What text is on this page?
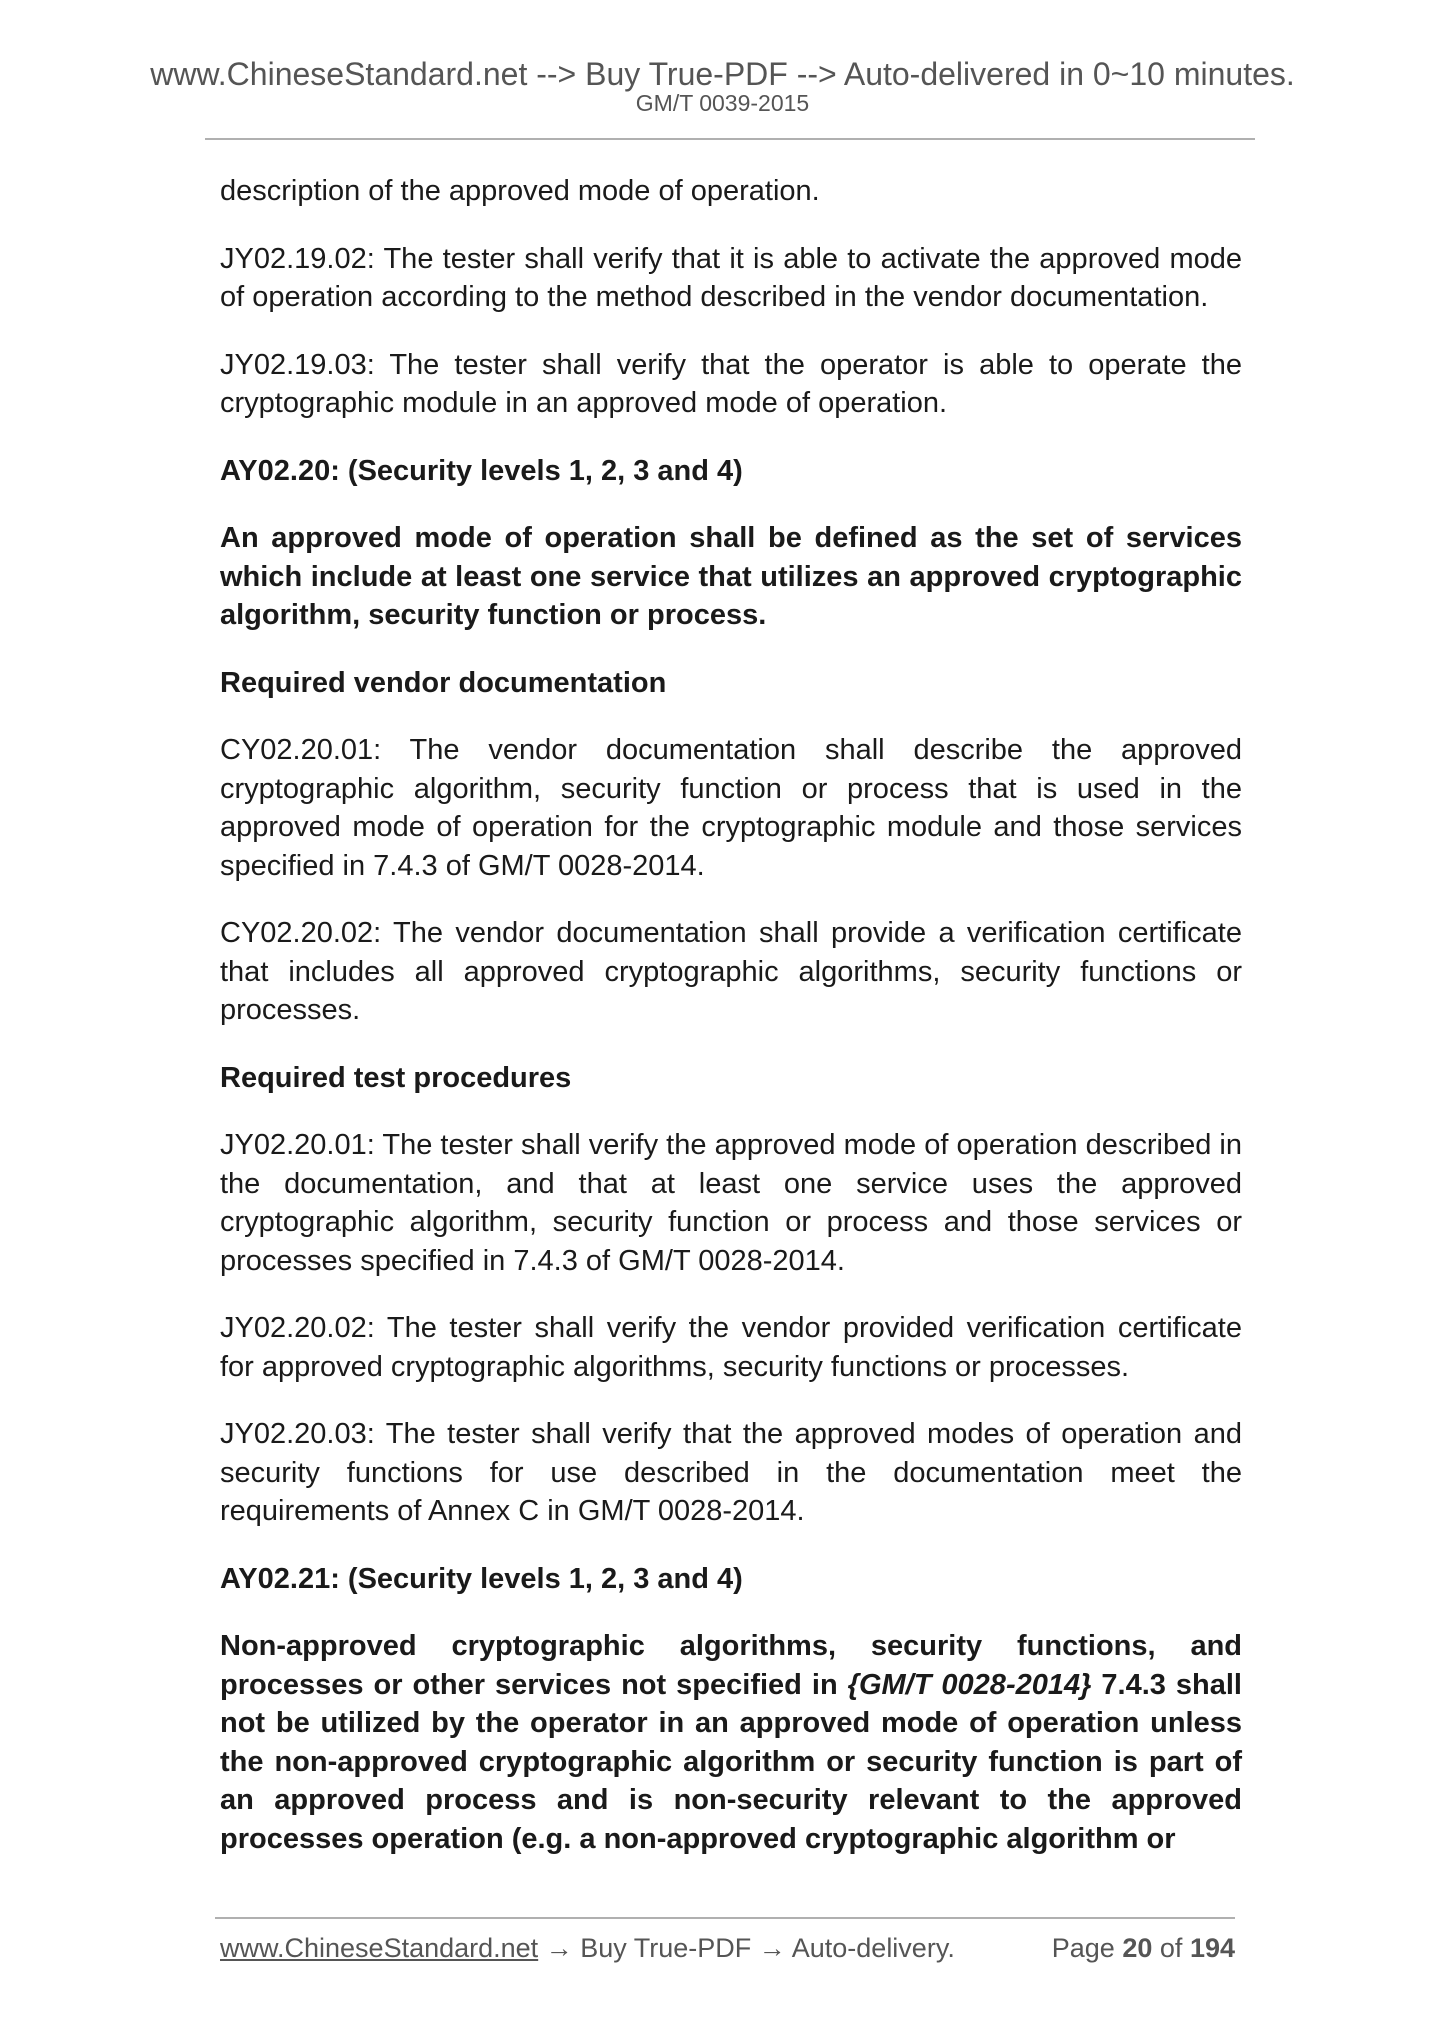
www.ChineseStandard.net --> Buy True-PDF --> Auto-delivered in 0~10 minutes.
GM/T 0039-2015

description of the approved mode of operation.

JY02.19.02: The tester shall verify that it is able to activate the approved mode of operation according to the method described in the vendor documentation.

JY02.19.03: The tester shall verify that the operator is able to operate the cryptographic module in an approved mode of operation.

AY02.20: (Security levels 1, 2, 3 and 4)

An approved mode of operation shall be defined as the set of services which include at least one service that utilizes an approved cryptographic algorithm, security function or process.

Required vendor documentation

CY02.20.01: The vendor documentation shall describe the approved cryptographic algorithm, security function or process that is used in the approved mode of operation for the cryptographic module and those services specified in 7.4.3 of GM/T 0028-2014.

CY02.20.02: The vendor documentation shall provide a verification certificate that includes all approved cryptographic algorithms, security functions or processes.

Required test procedures

JY02.20.01: The tester shall verify the approved mode of operation described in the documentation, and that at least one service uses the approved cryptographic algorithm, security function or process and those services or processes specified in 7.4.3 of GM/T 0028-2014.

JY02.20.02: The tester shall verify the vendor provided verification certificate for approved cryptographic algorithms, security functions or processes.

JY02.20.03: The tester shall verify that the approved modes of operation and security functions for use described in the documentation meet the requirements of Annex C in GM/T 0028-2014.

AY02.21: (Security levels 1, 2, 3 and 4)

Non-approved cryptographic algorithms, security functions, and processes or other services not specified in {GM/T 0028-2014} 7.4.3 shall not be utilized by the operator in an approved mode of operation unless the non-approved cryptographic algorithm or security function is part of an approved process and is non-security relevant to the approved processes operation (e.g. a non-approved cryptographic algorithm or

www.ChineseStandard.net → Buy True-PDF → Auto-delivery.	Page 20 of 194
